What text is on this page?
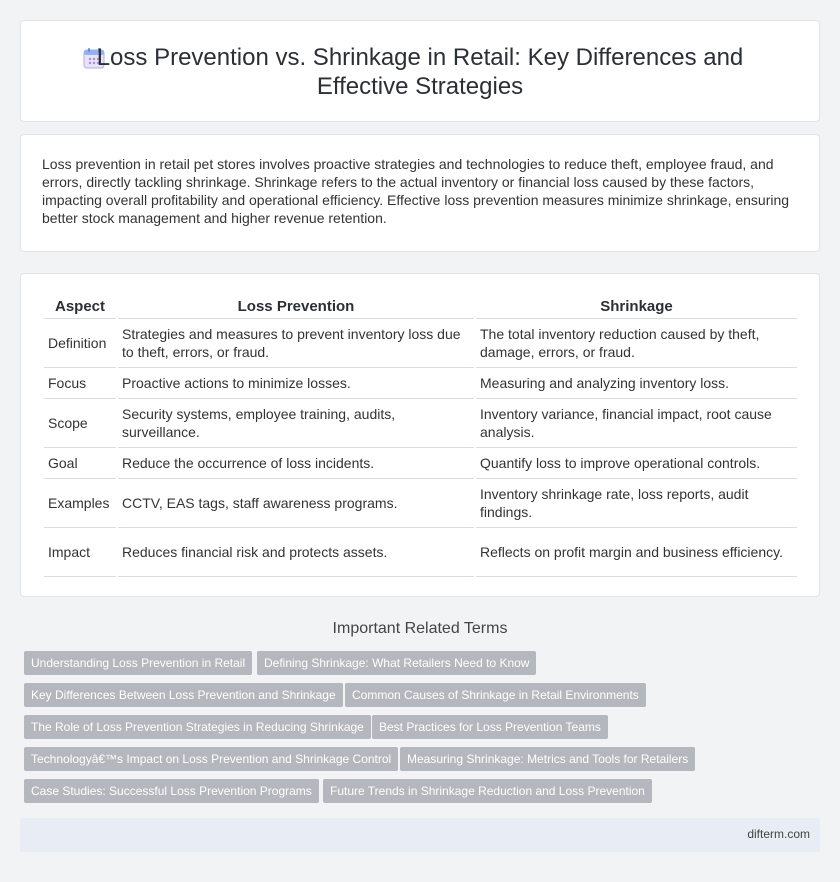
Loss Prevention vs. Shrinkage in Retail: Key Differences and Effective Strategies

Loss prevention in retail pet stores involves proactive strategies and technologies to reduce theft, employee fraud, and errors, directly tackling shrinkage. Shrinkage refers to the actual inventory or financial loss caused by these factors, impacting overall profitability and operational efficiency. Effective loss prevention measures minimize shrinkage, ensuring better stock management and higher revenue retention.

Aspect	Loss Prevention	Shrinkage
Definition	Strategies and measures to prevent inventory loss due to theft, errors, or fraud.	The total inventory reduction caused by theft, damage, errors, or fraud.
Focus	Proactive actions to minimize losses.	Measuring and analyzing inventory loss.
Scope	Security systems, employee training, audits, surveillance.	Inventory variance, financial impact, root cause analysis.
Goal	Reduce the occurrence of loss incidents.	Quantify loss to improve operational controls.
Examples	CCTV, EAS tags, staff awareness programs.	Inventory shrinkage rate, loss reports, audit findings.
Impact	Reduces financial risk and protects assets.	Reflects on profit margin and business efficiency.
Important Related Terms
Understanding Loss Prevention in Retail	Defining Shrinkage: What Retailers Need to Know
Key Differences Between Loss Prevention and Shrinkage	Common Causes of Shrinkage in Retail Environments
The Role of Loss Prevention Strategies in Reducing Shrinkage	Best Practices for Loss Prevention Teams
Technologyâ€™s Impact on Loss Prevention and Shrinkage Control	Measuring Shrinkage: Metrics and Tools for Retailers
Case Studies: Successful Loss Prevention Programs	Future Trends in Shrinkage Reduction and Loss Prevention
difterm.com
